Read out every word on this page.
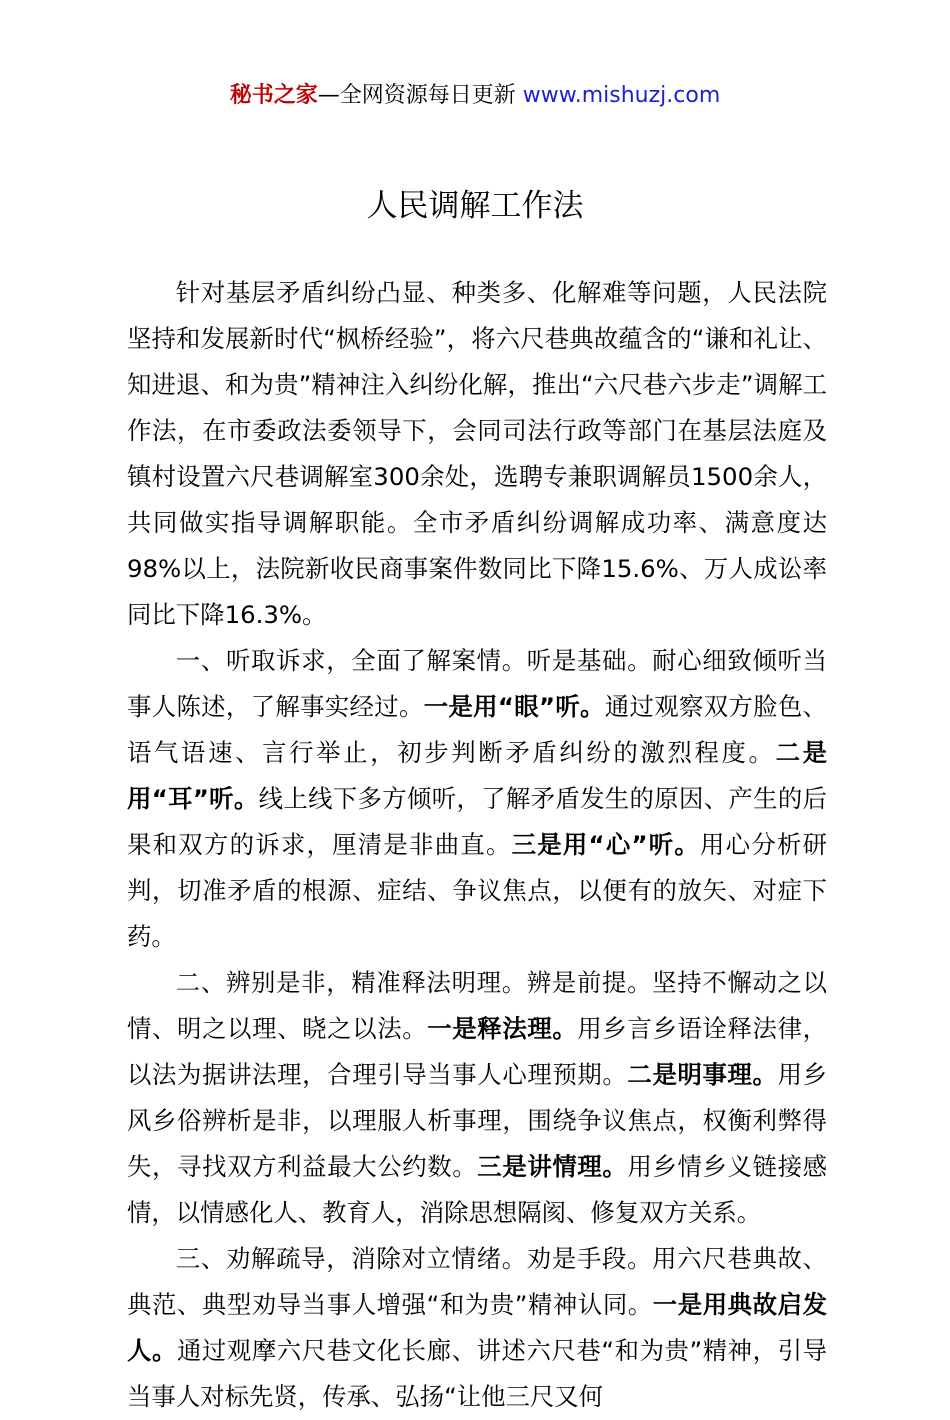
秘书之家—全网资源每日更新 www.mishuzj.com
人民调解工作法

针对基层矛盾纠纷凸显、种类多、化解难等问题，人民法院坚持和发展新时代“枫桥经验”，将六尺巷典故蕴含的“谦和礼让、知进退、和为贵”精神注入纠纷化解，推出“六尺巷六步走”调解工作法，在市委政法委领导下，会同司法行政等部门在基层法庭及镇村设置六尺巷调解室300余处，选聘专兼职调解员1500余人，共同做实指导调解职能。全市矛盾纠纷调解成功率、满意度达98%以上，法院新收民商事案件数同比下降15.6%、万人成讼率同比下降16.3%。

一、听取诉求，全面了解案情。听是基础。耐心细致倾听当事人陈述，了解事实经过。一是用“眼”听。通过观察双方脸色、语气语速、言行举止，初步判断矛盾纠纷的激烈程度。二是用“耳”听。线上线下多方倾听，了解矛盾发生的原因、产生的后果和双方的诉求，厘清是非曲直。三是用“心”听。用心分析研判，切准矛盾的根源、症结、争议焦点，以便有的放矢、对症下药。

二、辨别是非，精准释法明理。辨是前提。坚持不懈动之以情、明之以理、晓之以法。一是释法理。用乡言乡语诠释法律，以法为据讲法理，合理引导当事人心理预期。二是明事理。用乡风乡俗辨析是非，以理服人析事理，围绕争议焦点，权衡利弊得失，寻找双方利益最大公约数。三是讲情理。用乡情乡义链接感情，以情感化人、教育人，消除思想隔阂、修复双方关系。

三、劝解疏导，消除对立情绪。劝是手段。用六尺巷典故、典范、典型劝导当事人增强“和为贵”精神认同。一是用典故启发人。通过观摩六尺巷文化长廊、讲述六尺巷“和为贵”精神，引导当事人对标先贤，传承、弘扬“让他三尺又何
